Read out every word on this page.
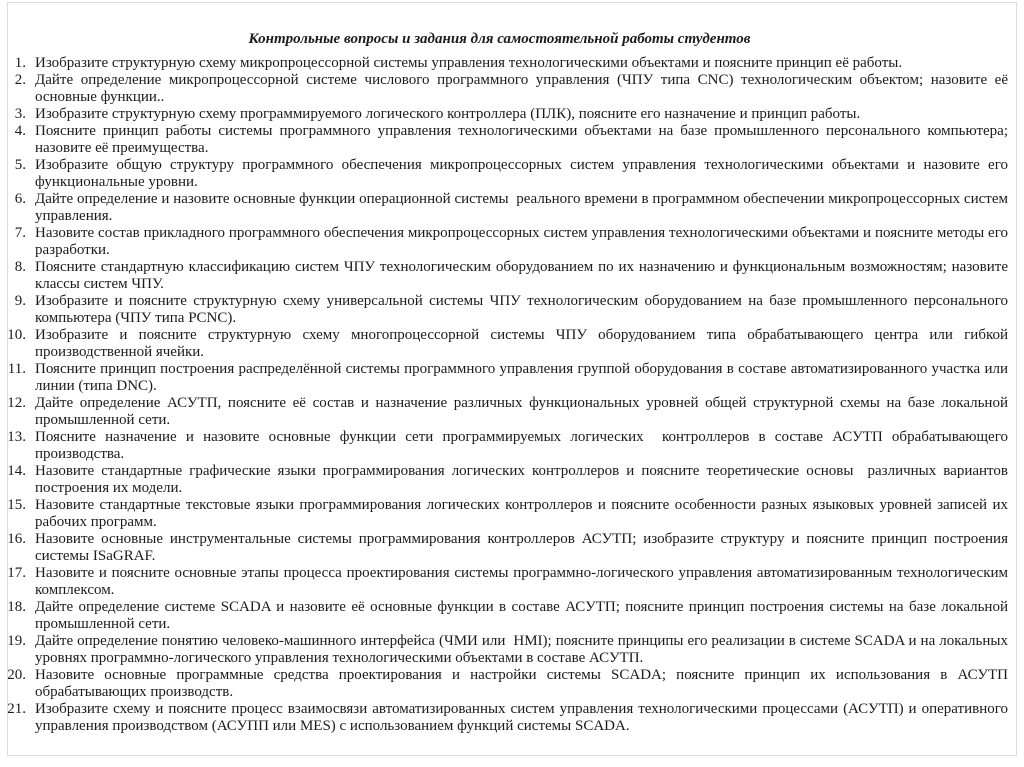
Контрольные вопросы и задания для самостоятельной работы студентов
1. Изобразите структурную схему микропроцессорной системы управления технологическими объектами и поясните принцип её работы.
2. Дайте определение микропроцессорной системе числового программного управления (ЧПУ типа CNC) технологическим объектом; назовите её основные функции..
3. Изобразите структурную схему программируемого логического контроллера (ПЛК), поясните его назначение и принцип работы.
4. Поясните принцип работы системы программного управления технологическими объектами на базе промышленного персонального компьютера; назовите её преимущества.
5. Изобразите общую структуру программного обеспечения микропроцессорных систем управления технологическими объектами и назовите его функциональные уровни.
6. Дайте определение и назовите основные функции операционной системы  реального времени в программном обеспечении микропроцессорных систем управления.
7. Назовите состав прикладного программного обеспечения микропроцессорных систем управления технологическими объектами и поясните методы его разработки.
8. Поясните стандартную классификацию систем ЧПУ технологическим оборудованием по их назначению и функциональным возможностям; назовите классы систем ЧПУ.
9. Изобразите и поясните структурную схему универсальной системы ЧПУ технологическим оборудованием на базе промышленного персонального компьютера (ЧПУ типа PCNC).
10. Изобразите и поясните структурную схему многопроцессорной системы ЧПУ оборудованием типа обрабатывающего центра или гибкой производственной ячейки.
11. Поясните принцип построения распределённой системы программного управления группой оборудования в составе автоматизированного участка или линии (типа DNC).
12. Дайте определение АСУТП, поясните её состав и назначение различных функциональных уровней общей структурной схемы на базе локальной промышленной сети.
13. Поясните назначение и назовите основные функции сети программируемых логических  контроллеров в составе АСУТП обрабатывающего производства.
14. Назовите стандартные графические языки программирования логических контроллеров и поясните теоретические основы  различных вариантов построения их модели.
15. Назовите стандартные текстовые языки программирования логических контроллеров и поясните особенности разных языковых уровней записей их рабочих программ.
16. Назовите основные инструментальные системы программирования контроллеров АСУТП; изобразите структуру и поясните принцип построения системы ISaGRAF.
17. Назовите и поясните основные этапы процесса проектирования системы программно-логического управления автоматизированным технологическим комплексом.
18. Дайте определение системе SCADA и назовите её основные функции в составе АСУТП; поясните принцип построения системы на базе локальной промышленной сети.
19. Дайте определение понятию человеко-машинного интерфейса (ЧМИ или  HMI); поясните принципы его реализации в системе SCADA и на локальных уровнях программно-логического управления технологическими объектами в составе АСУТП.
20. Назовите основные программные средства проектирования и настройки системы SCADA; поясните принцип их использования в АСУТП обрабатывающих производств.
21. Изобразите схему и поясните процесс взаимосвязи автоматизированных систем управления технологическими процессами (АСУТП) и оперативного управления производством (АСУПП или MES) с использованием функций системы SCADA.
